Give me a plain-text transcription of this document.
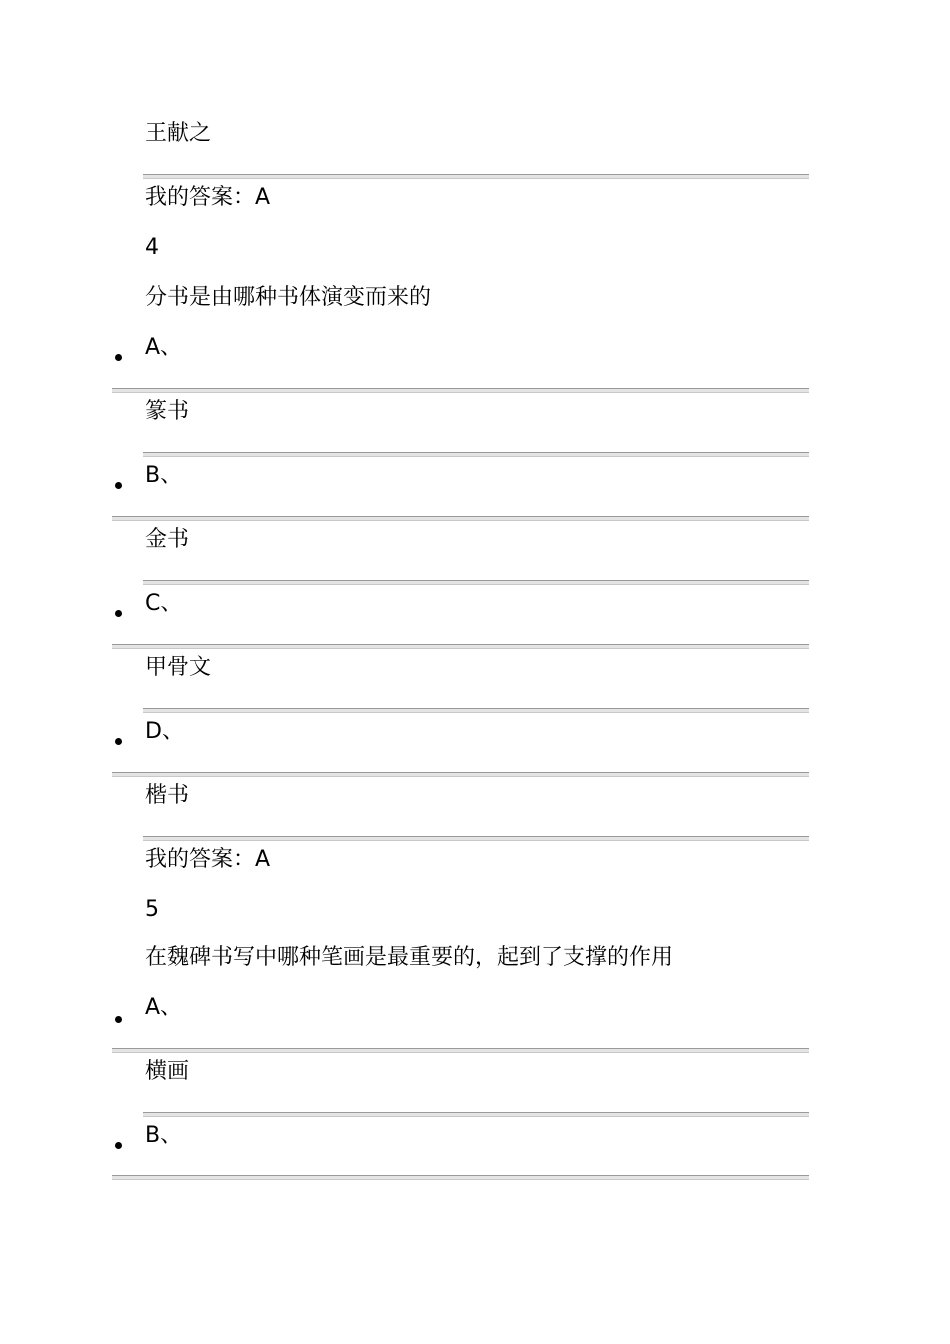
王献之
我的答案：A
4
分书是由哪种书体演变而来的
A、
篆书
B、
金书
C、
甲骨文
D、
楷书
我的答案：A
5
在魏碑书写中哪种笔画是最重要的，起到了支撑的作用
A、
横画
B、
